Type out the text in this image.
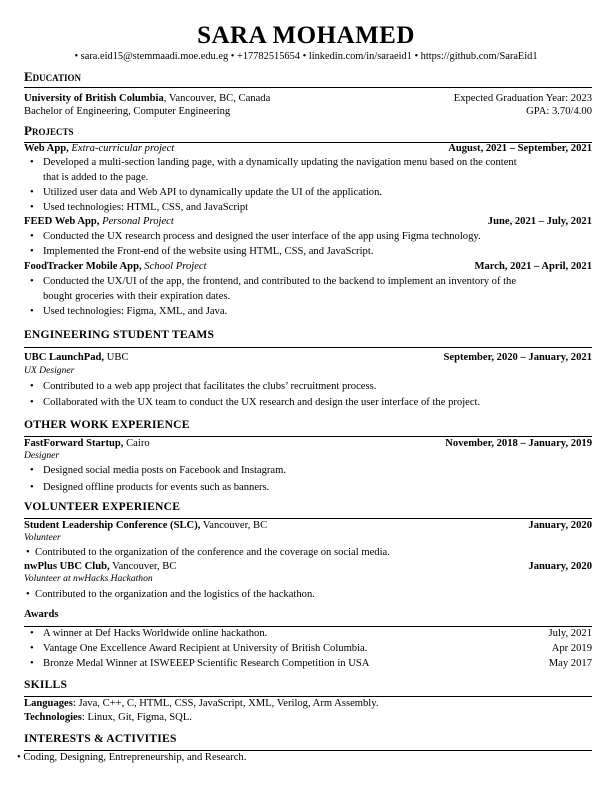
SARA MOHAMED
• sara.eid15@stemmaadi.moe.edu.eg • +17782515654 • linkedin.com/in/saraeid1 • https://github.com/SaraEid1
Education
University of British Columbia, Vancouver, BC, Canada	Expected Graduation Year: 2023
Bachelor of Engineering, Computer Engineering	GPA: 3.70/4.00
Projects
Web App, Extra-curricular project	August, 2021 – September, 2021
• Developed a multi-section landing page, with a dynamically updating the navigation menu based on the content
that is added to the page.
• Utilized user data and Web API to dynamically update the UI of the application.
• Used technologies: HTML, CSS, and JavaScript
FEED Web App, Personal Project	June, 2021 – July, 2021
• Conducted the UX research process and designed the user interface of the app using Figma technology.
• Implemented the Front-end of the website using HTML, CSS, and JavaScript.
FoodTracker Mobile App, School Project	March, 2021 – April, 2021
• Conducted the UX/UI of the app, the frontend, and contributed to the backend to implement an inventory of the
bought groceries with their expiration dates.
• Used technologies: Figma, XML, and Java.
ENGINEERING STUDENT TEAMS
UBC LaunchPad, UBC	September, 2020 – January, 2021
UX Designer
• Contributed to a web app project that facilitates the clubs’ recruitment process.
• Collaborated with the UX team to conduct the UX research and design the user interface of the project.
OTHER WORK EXPERIENCE
FastForward Startup, Cairo	November, 2018 – January, 2019
Designer
• Designed social media posts on Facebook and Instagram.
• Designed offline products for events such as banners.
VOLUNTEER EXPERIENCE
Student Leadership Conference (SLC), Vancouver, BC	January, 2020
Volunteer
• Contributed to the organization of the conference and the coverage on social media.
nwPlus UBC Club, Vancouver, BC	January, 2020
Volunteer at nwHacks Hackathon
• Contributed to the organization and the logistics of the hackathon.
Awards
• A winner at Def Hacks Worldwide online hackathon.	July, 2021
• Vantage One Excellence Award Recipient at University of British Columbia.	Apr 2019
• Bronze Medal Winner at ISWEEEP Scientific Research Competition in USA	May 2017
SKILLS
Languages: Java, C++, C, HTML, CSS, JavaScript, XML, Verilog, Arm Assembly.
Technologies: Linux, Git, Figma, SQL.
INTERESTS & ACTIVITIES
• Coding, Designing, Entrepreneurship, and Research.
